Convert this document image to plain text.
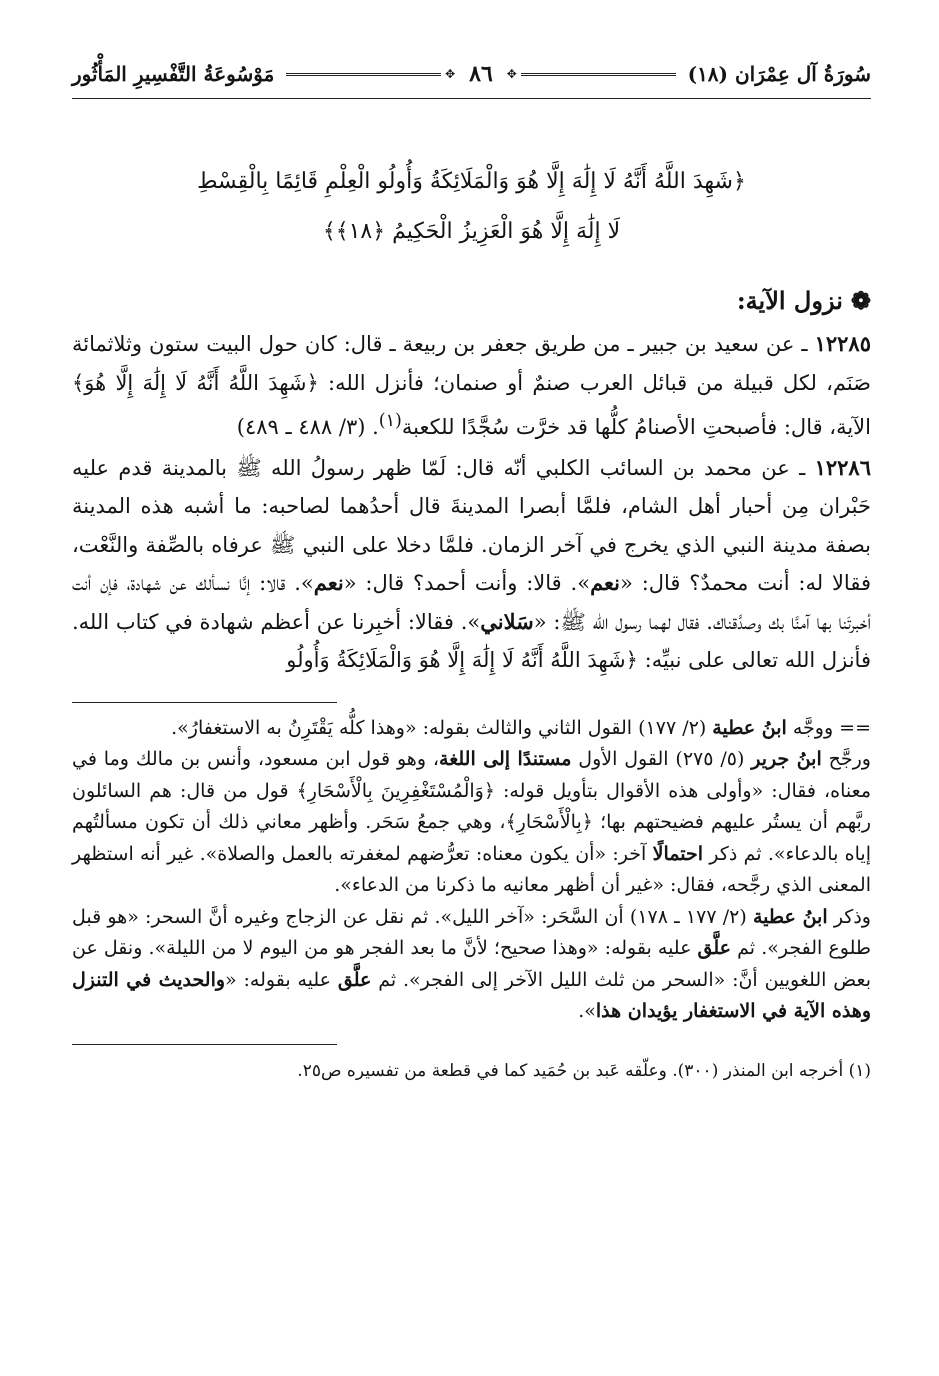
سُورَةُ آل عِمْرَان (١٨)
✥
٨٦
✥
مَوْسُوعَةُ التَّفْسِيرِ المَأْثُور
﴿شَهِدَ اللَّهُ أَنَّهُ لَا إِلَٰهَ إِلَّا هُوَ وَالْمَلَائِكَةُ وَأُولُو الْعِلْمِ قَائِمًا بِالْقِسْطِ
لَا إِلَٰهَ إِلَّا هُوَ الْعَزِيزُ الْحَكِيمُ ﴿١٨﴾﴾
❁نزول الآية:

١٢٢٨٥ ـ عن سعيد بن جبير ـ من طريق جعفر بن ربيعة ـ قال: كان حول البيت ستون وثلاثمائة صَنَم، لكل قبيلة من قبائل العرب صنمٌ أو صنمان؛ فأنزل الله: ﴿شَهِدَ اللَّهُ أَنَّهُ لَا إِلَٰهَ إِلَّا هُوَ﴾ الآية، قال: فأصبحتِ الأصنامُ كلُّها قد خرَّت سُجَّدًا للكعبة$^{(١)}$. (٣/ ٤٨٨ ـ ٤٨٩)

١٢٢٨٦ ـ عن محمد بن السائب الكلبي أنّه قال: لَمّا ظهر رسولُ الله ﷺ بالمدينة قدم عليه حَبْران مِن أحبار أهل الشام، فلمَّا أبصرا المدينةَ قال أحدُهما لصاحبه: ما أشبه هذه المدينة بصفة مدينة النبي الذي يخرج في آخر الزمان. فلمَّا دخلا على النبي ﷺ عرفاه بالصِّفة والنَّعْت، فقالا له: أنت محمدٌ؟ قال: «نعم». قالا: وأنت أحمد؟ قال: «نعم». قالا: إنَّا نسألك عن شهادة، فإن أنت أخبرتَنا بها آمنَّا بك وصدَّقناك. فقال لهما رسول الله ﷺ: «سَلاني». فقالا: أخبِرنا عن أعظم شهادة في كتاب الله. فأنزل الله تعالى على نبيِّه: ﴿شَهِدَ اللَّهُ أَنَّهُ لَا إِلَٰهَ إِلَّا هُوَ وَالْمَلَائِكَةُ وَأُولُو

== ووجَّه ابنُ عطية (٢/ ١٧٧) القول الثاني والثالث بقوله: «وهذا كلُّه يَقْتَرِنُ به الاستغفارُ».

ورجَّح ابنُ جرير (٥/ ٢٧٥) القول الأول مستندًا إلى اللغة، وهو قول ابن مسعود، وأنس بن مالك وما في معناه، فقال: «وأولى هذه الأقوال بتأويل قوله: ﴿وَالْمُسْتَغْفِرِينَ بِالْأَسْحَارِ﴾ قول من قال: هم السائلون ربَّهم أن يستُر عليهم فضيحتهم بها؛ ﴿بِالْأَسْحَارِ﴾، وهي جمعُ سَحَر. وأظهر معاني ذلك أن تكون مسألتُهم إياه بالدعاء». ثم ذكر احتمالًا آخر: «أن يكون معناه: تعرُّضهم لمغفرته بالعمل والصلاة». غير أنه استظهر المعنى الذي رجَّحه، فقال: «غير أن أظهر معانيه ما ذكرنا من الدعاء».

وذكر ابنُ عطية (٢/ ١٧٧ ـ ١٧٨) أن السَّحَر: «آخر الليل». ثم نقل عن الزجاج وغيره أنَّ السحر: «هو قبل طلوع الفجر». ثم علَّق عليه بقوله: «وهذا صحيح؛ لأنَّ ما بعد الفجر هو من اليوم لا من الليلة». ونقل عن بعض اللغويين أنَّ: «السحر من ثلث الليل الآخر إلى الفجر». ثم علَّق عليه بقوله: «والحديث في التنزل وهذه الآية في الاستغفار يؤيدان هذا».

(١) أخرجه ابن المنذر (٣٠٠). وعلّقه عَبد بن حُمَيد كما في قطعة من تفسيره ص٢٥.
